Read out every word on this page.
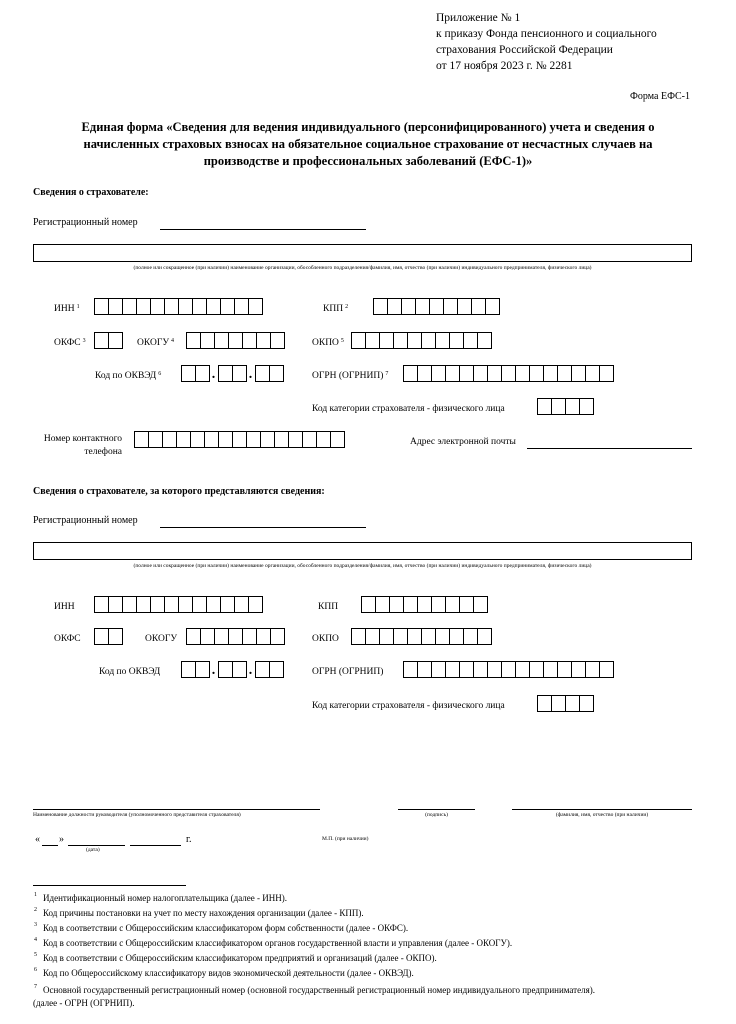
Приложение № 1
к приказу Фонда пенсионного и социального
страхования Российской Федерации
от 17 ноября 2023 г. № 2281
Форма ЕФС-1
Единая форма «Сведения для ведения индивидуального (персонифицированного) учета и сведения о
начисленных страховых взносах на обязательное социальное страхование от несчастных случаев на
производстве и профессиональных заболеваний (ЕФС-1)»
Сведения о страхователе:
Регистрационный номер
(полное или сокращенное (при наличии) наименование организации, обособленного подразделения/фамилия, имя, отчество (при наличии) индивидуального предпринимателя, физического лица)
ИНН $^1$	КПП $^2$
ОКФС $^3$	ОКОГУ $^4$	ОКПО $^5$
Код по ОКВЭД $^6$	. .	ОГРН (ОГРНИП) $^7$
Код категории страхователя - физического лица
Номер контактного
телефона
Адрес электронной почты
Сведения о страхователе, за которого представляются сведения:
Регистрационный номер
(полное или сокращенное (при наличии) наименование организации, обособленного подразделения/фамилия, имя, отчество (при наличии) индивидуального предпринимателя, физического лица)
ИНН	КПП
ОКФС	ОКОГУ	ОКПО
Код по ОКВЭД	. .	ОГРН (ОГРНИП)
Код категории страхователя - физического лица
Наименование должности руководителя (уполномоченного представителя страхователя)	(подпись)	(фамилия, имя, отчество (при наличии)
« »	г.
(дата)
М.П. (при наличии)
$^1$ Идентификационный номер налогоплательщика (далее - ИНН).
$^2$ Код причины постановки на учет по месту нахождения организации (далее - КПП).
$^3$ Код в соответствии с Общероссийским классификатором форм собственности (далее - ОКФС).
$^4$ Код в соответствии с Общероссийским классификатором органов государственной власти и управления (далее - ОКОГУ).
$^5$ Код в соответствии с Общероссийским классификатором предприятий и организаций (далее - ОКПО).
$^6$ Код по Общероссийскому классификатору видов экономической деятельности (далее - ОКВЭД).
$^7$ Основной государственный регистрационный номер (основной государственный регистрационный номер индивидуального предпринимателя).
(далее - ОГРН (ОГРНИП).
